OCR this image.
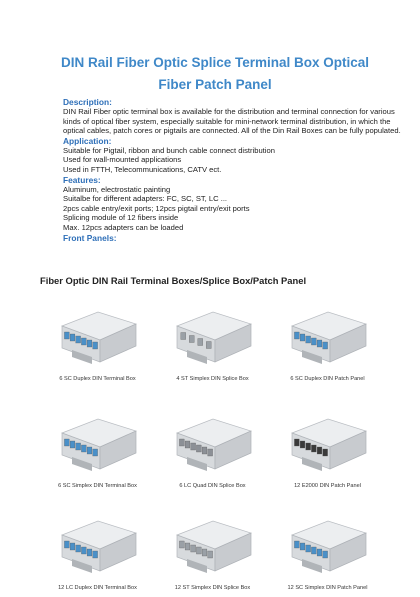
DIN Rail Fiber Optic Splice Terminal Box Optical
Fiber Patch Panel
Description:

DIN Rail Fiber optic terminal box is available for the distribution and terminal connection for various kinds of optical fiber system, especially suitable for mini-network terminal distribution, in which the optical cables, patch cores or pigtails are connected. All of the Din Rail Boxes can be fully populated.

Application:

Suitable for Pigtail, ribbon and bunch cable connect distribution

Used for wall-mounted applications

Used in FTTH, Telecommunications, CATV ect.

Features:

Aluminum, electrostatic painting

Suitalbe for different adapters: FC, SC, ST, LC ...

2pcs cable entry/exit ports; 12pcs pigtail entry/exit ports

Splicing module of 12 fibers inside

Max. 12pcs adapters can be loaded

Front Panels:
Fiber Optic DIN Rail Terminal Boxes/Splice Box/Patch Panel
6 SC Duplex DIN Terminal Box	4 ST Simplex DIN Splice Box	6 SC Duplex DIN Patch Panel
6 SC Simplex DIN Terminal Box	6 LC Quad DIN Splice Box	12 E2000 DIN Patch Panel
12 LC Duplex DIN Terminal Box	12 ST Simplex DIN Splice Box	12 SC Simplex DIN Patch Panel
